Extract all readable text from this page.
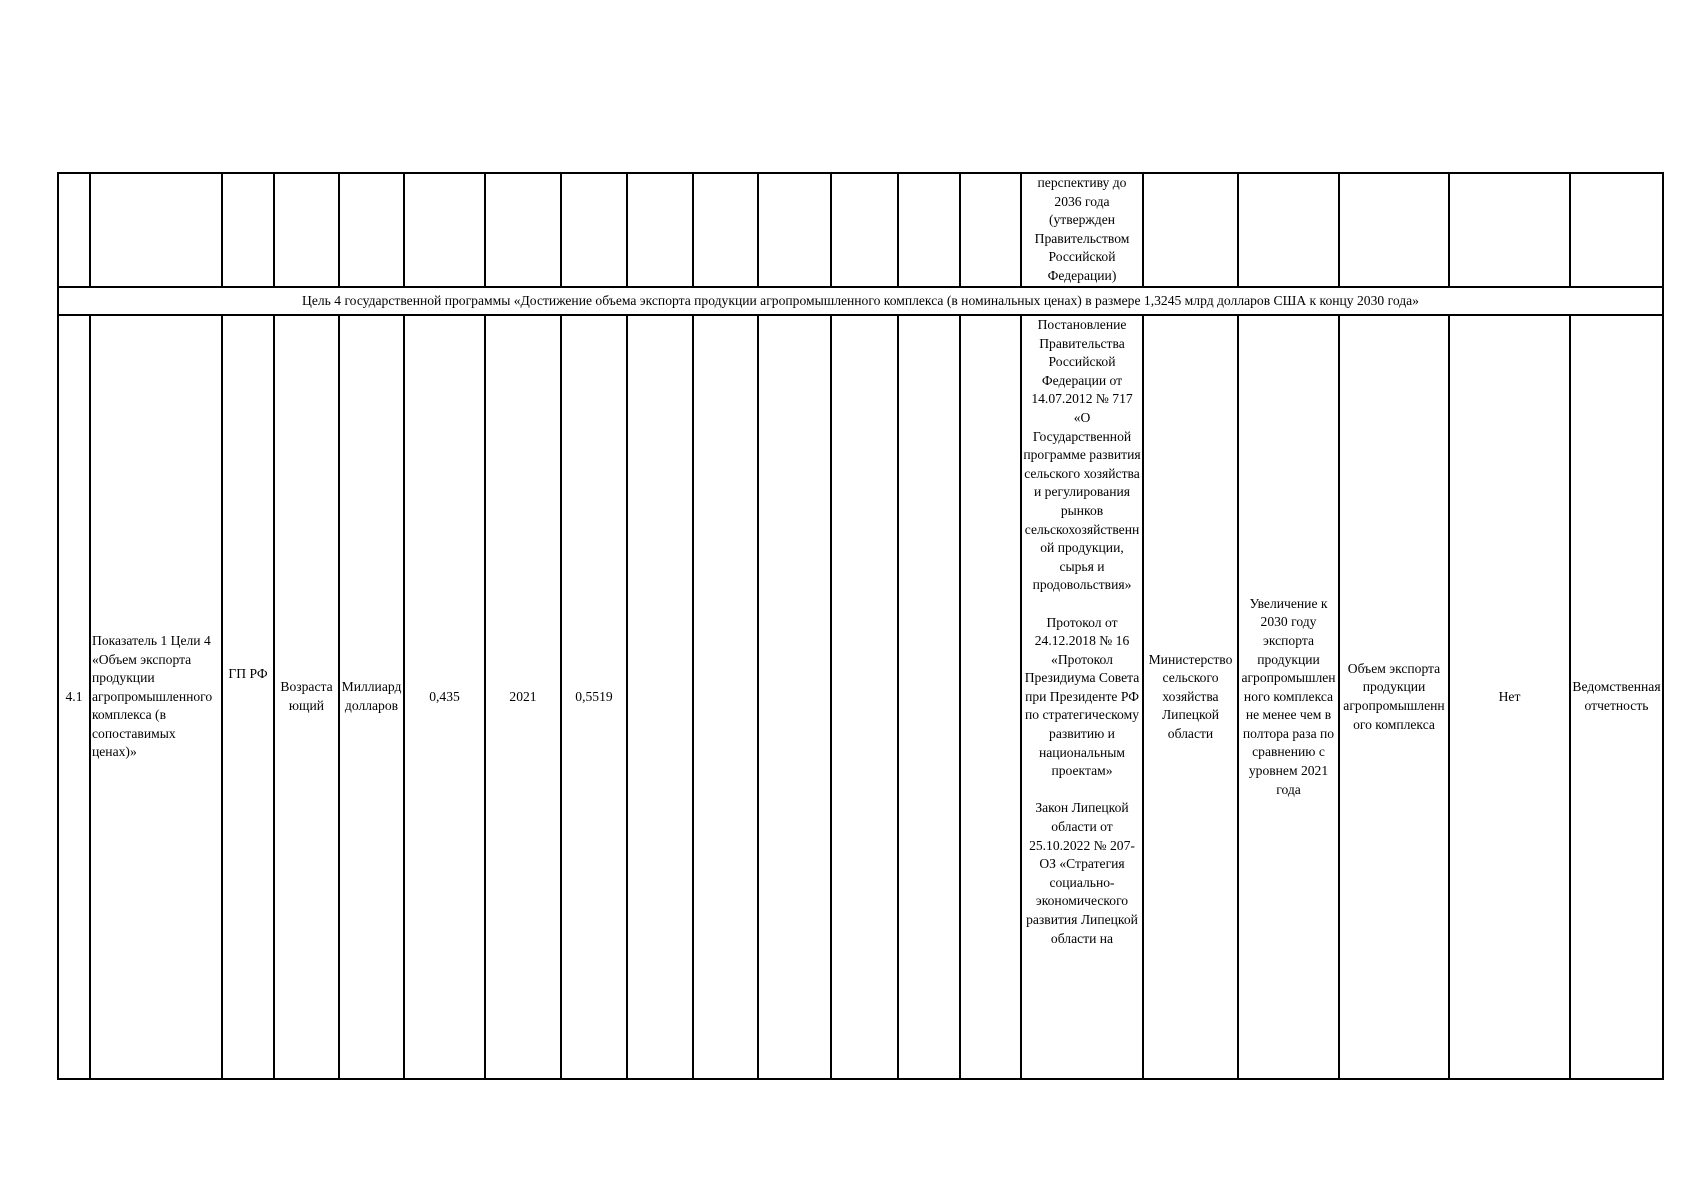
														перспективу до 2036 года (утвержден Правительством Российской Федерации)					
Цель 4 государственной программы «Достижение объема экспорта продукции агропромышленного комплекса (в номинальных ценах) в размере 1,3245 млрд долларов США к концу 2030 года»																			
4.1	Показатель 1 Цели 4 «Объем экспорта продукции агропромышленного комплекса (в сопоставимых ценах)»	ГП РФ	Возрастающий	Миллиард долларов	0,435	2021	0,5519							Постановление Правительства Российской Федерации от 14.07.2012 № 717 «О Государственной программе развития сельского хозяйства и регулирования рынков сельскохозяйственной продукции, сырья и продовольствия»
Протокол от 24.12.2018 № 16 «Протокол Президиума Совета при Президенте РФ по стратегическому развитию и национальным проектам»
Закон Липецкой области от 25.10.2022 № 207-ОЗ «Стратегия социально-экономического развития Липецкой области на	Министерство сельского хозяйства Липецкой области	Увеличение к 2030 году экспорта продукции агропромышленного комплекса не менее чем в полтора раза по сравнению с уровнем 2021 года	Объем экспорта продукции агропромышленного комплекса	Нет	Ведомственная отчетность
